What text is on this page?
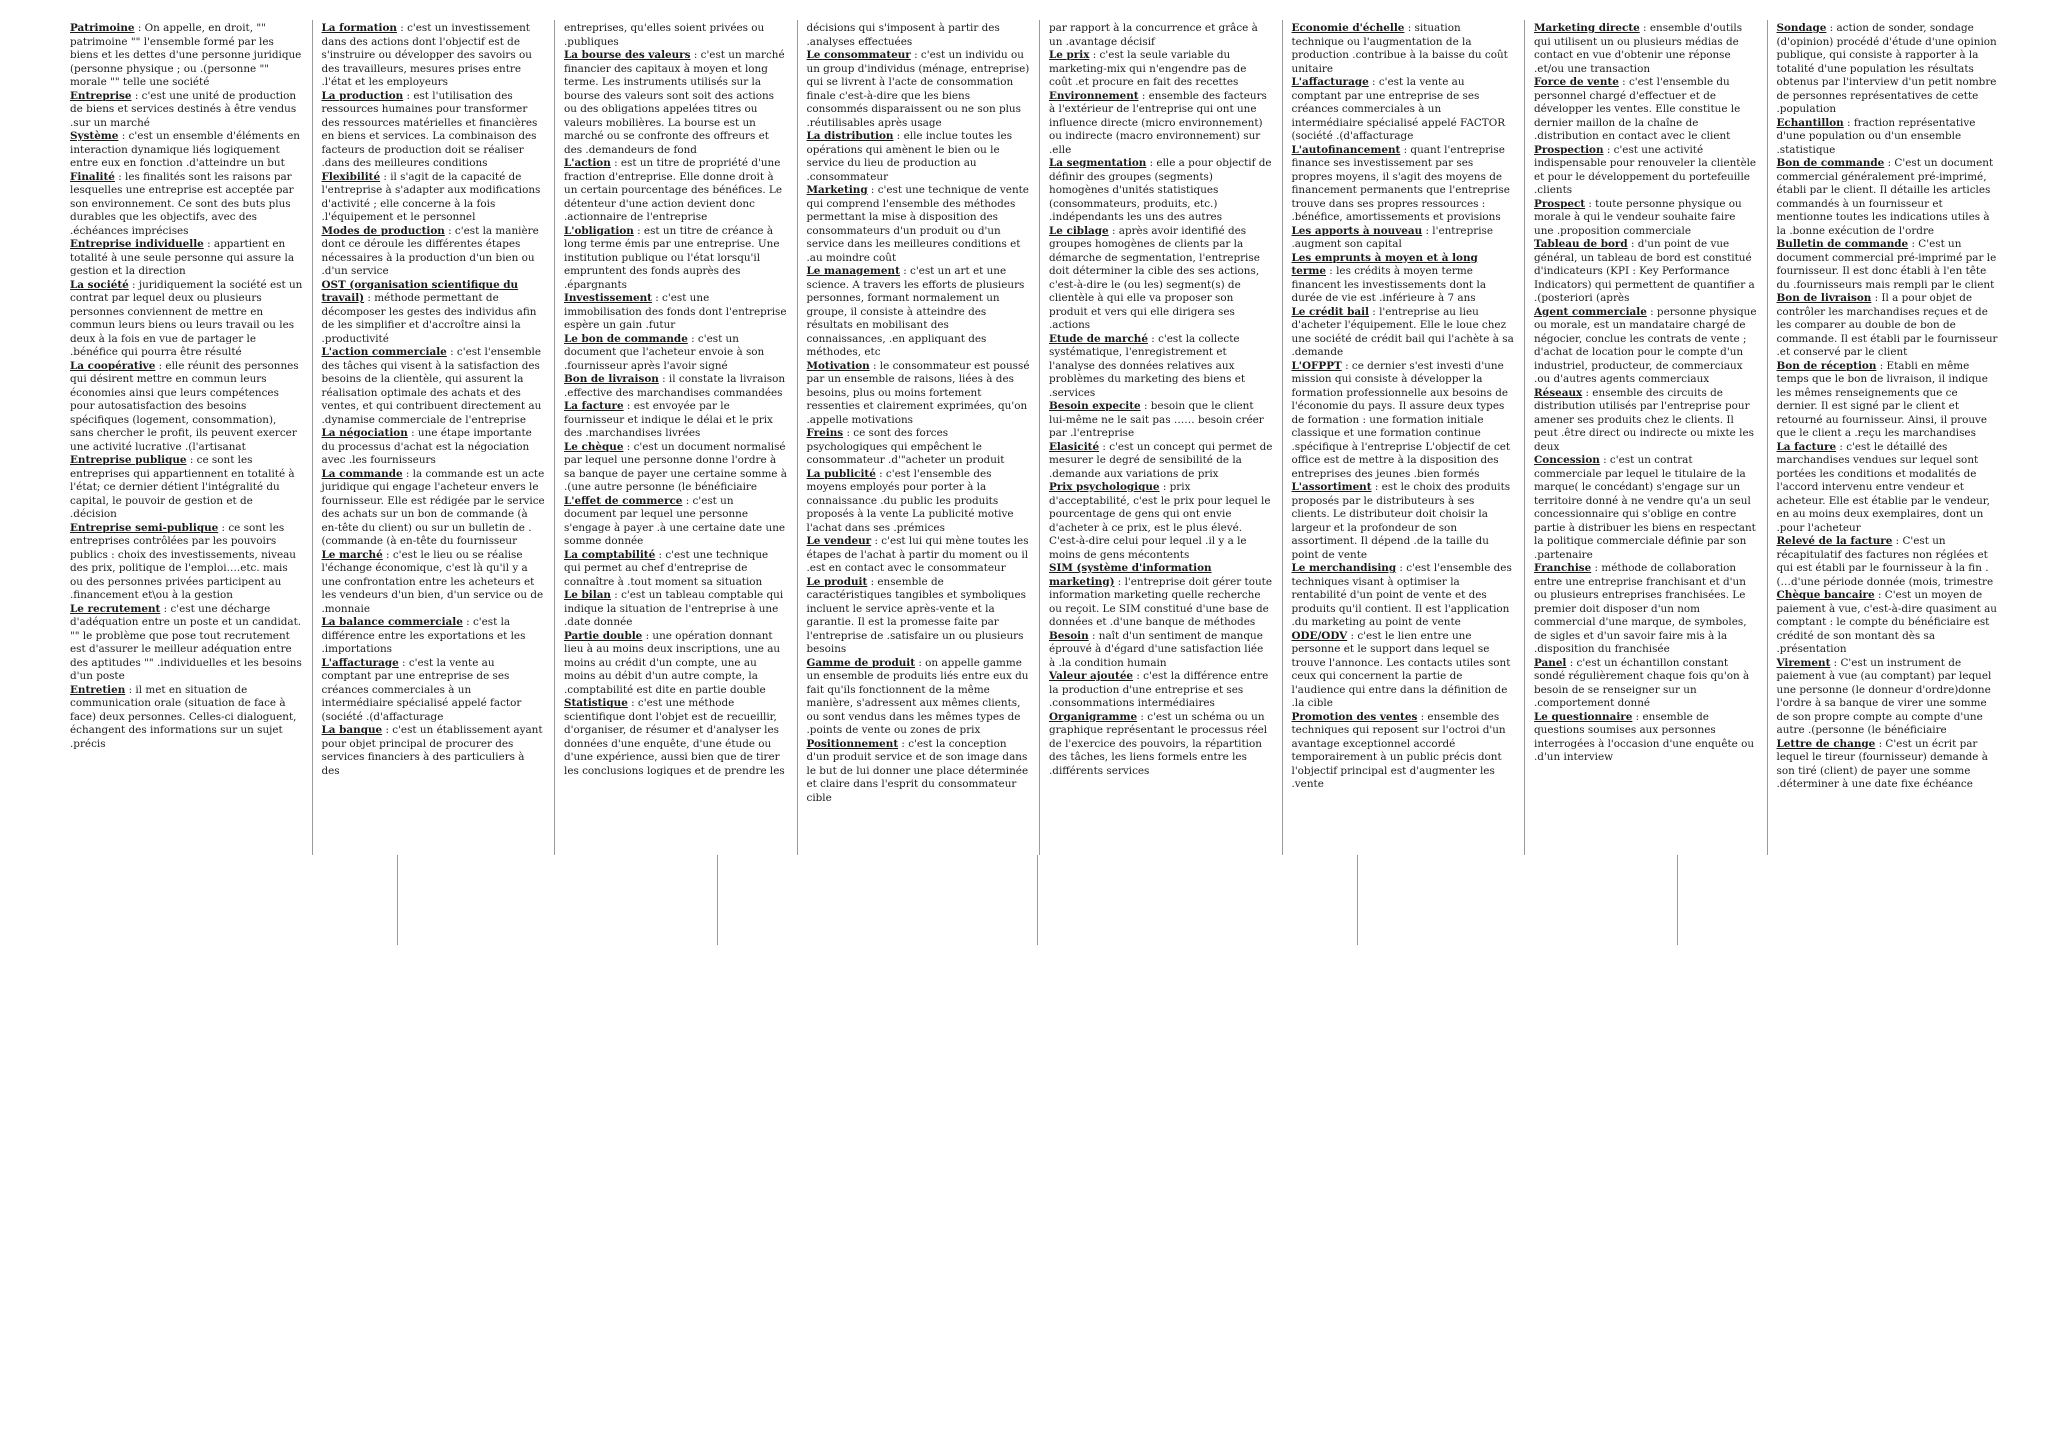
Patrimoine : On appelle, en droit, "" patrimoine "" l'ensemble formé par les biens et les dettes d'une personne juridique (personne physique ; ou .(personne "" morale "" telle une société

Entreprise : c'est une unité de production de biens et services destinés à être vendus .sur un marché

Système : c'est un ensemble d'éléments en interaction dynamique liés logiquement entre eux en fonction .d'atteindre un but

Finalité : les finalités sont les raisons par lesquelles une entreprise est acceptée par son environnement. Ce sont des buts plus durables que les objectifs, avec des .échéances imprécises

Entreprise individuelle : appartient en totalité à une seule personne qui assure la gestion et la direction

La société : juridiquement la société est un contrat par lequel deux ou plusieurs personnes conviennent de mettre en commun leurs biens ou leurs travail ou les deux à la fois en vue de partager le .bénéfice qui pourra être résulté

La coopérative : elle réunit des personnes qui désirent mettre en commun leurs économies ainsi que leurs compétences pour autosatisfaction des besoins spécifiques (logement, consommation), sans chercher le profit, ils peuvent exercer une activité lucrative .(l'artisanat

Entreprise publique : ce sont les entreprises qui appartiennent en totalité à l'état; ce dernier détient l'intégralité du capital, le pouvoir de gestion et de .décision

Entreprise semi-publique : ce sont les entreprises contrôlées par les pouvoirs publics : choix des investissements, niveau des prix, politique de l'emploi….etc. mais ou des personnes privées participent au .financement et\ou à la gestion

Le recrutement : c'est une décharge d'adéquation entre un poste et un candidat. "" le problème que pose tout recrutement est d'assurer le meilleur adéquation entre des aptitudes "" .individuelles et les besoins d'un poste

Entretien : il met en situation de communication orale (situation de face à face) deux personnes. Celles-ci dialoguent, échangent des informations sur un sujet .précis

La formation : c'est un investissement dans des actions dont l'objectif est de s'instruire ou développer des savoirs ou des travailleurs, mesures prises entre .l'état et les employeurs

La production : est l'utilisation des ressources humaines pour transformer des ressources matérielles et financières en biens et services. La combinaison des facteurs de production doit se réaliser .dans des meilleures conditions

Flexibilité : il s'agit de la capacité de l'entreprise à s'adapter aux modifications d'activité ; elle concerne à la fois .l'équipement et le personnel

Modes de production : c'est la manière dont ce déroule les différentes étapes nécessaires à la production d'un bien ou .d'un service

OST (organisation scientifique du travail) : méthode permettant de décomposer les gestes des individus afin de les simplifier et d'accroître ainsi la .productivité

L'action commerciale : c'est l'ensemble des tâches qui visent à la satisfaction des besoins de la clientèle, qui assurent la réalisation optimale des achats et des ventes, et qui contribuent directement au .dynamise commerciale de l'entreprise

La négociation : une étape importante du processus d'achat est la négociation avec .les fournisseurs

La commande : la commande est un acte juridique qui engage l'acheteur envers le fournisseur. Elle est rédigée par le service des achats sur un bon de commande (à en-tête du client) ou sur un bulletin de .(commande (à en-tête du fournisseur

Le marché : c'est le lieu ou se réalise l'échange économique, c'est là qu'il y a une confrontation entre les acheteurs et les vendeurs d'un bien, d'un service ou de .monnaie

La balance commerciale : c'est la différence entre les exportations et les .importations

L'affacturage : c'est la vente au comptant par une entreprise de ses créances commerciales à un intermédiaire spécialisé appelé factor (société .(d'affacturage

La banque : c'est un établissement ayant pour objet principal de procurer des services financiers à des particuliers à des

entreprises, qu'elles soient privées ou .publiques

La bourse des valeurs : c'est un marché financier des capitaux à moyen et long terme. Les instruments utilisés sur la bourse des valeurs sont soit des actions ou des obligations appelées titres ou valeurs mobilières. La bourse est un marché ou se confronte des offreurs et des .demandeurs de fond

L'action : est un titre de propriété d'une fraction d'entreprise. Elle donne droit à un certain pourcentage des bénéfices. Le détenteur d'une action devient donc .actionnaire de l'entreprise

L'obligation : est un titre de créance à long terme émis par une entreprise. Une institution publique ou l'état lorsqu'il empruntent des fonds auprès des .épargnants

Investissement : c'est une immobilisation des fonds dont l'entreprise espère un gain .futur

Le bon de commande : c'est un document que l'acheteur envoie à son .fournisseur après l'avoir signé

Bon de livraison : il constate la livraison .effective des marchandises commandées

La facture : est envoyée par le fournisseur et indique le délai et le prix des .marchandises livrées

Le chèque : c'est un document normalisé par lequel une personne donne l'ordre à sa banque de payer une certaine somme à .(une autre personne (le bénéficiaire

L'effet de commerce : c'est un document par lequel une personne s'engage à payer .à une certaine date une somme donnée

La comptabilité : c'est une technique qui permet au chef d'entreprise de connaître à .tout moment sa situation

Le bilan : c'est un tableau comptable qui indique la situation de l'entreprise à une .date donnée

Partie double : une opération donnant lieu à au moins deux inscriptions, une au moins au crédit d'un compte, une au moins au débit d'un autre compte, la .comptabilité est dite en partie double

Statistique : c'est une méthode scientifique dont l'objet est de recueillir, d'organiser, de résumer et d'analyser les données d'une enquête, d'une étude ou d'une expérience, aussi bien que de tirer les conclusions logiques et de prendre les

décisions qui s'imposent à partir des .analyses effectuées

Le consommateur : c'est un individu ou un group d'individus (ménage, entreprise) qui se livrent à l'acte de consommation finale c'est-à-dire que les biens consommés disparaissent ou ne son plus .réutilisables après usage

La distribution : elle inclue toutes les opérations qui amènent le bien ou le service du lieu de production au .consommateur

Marketing : c'est une technique de vente qui comprend l'ensemble des méthodes permettant la mise à disposition des consommateurs d'un produit ou d'un service dans les meilleures conditions et .au moindre coût

Le management : c'est un art et une science. A travers les efforts de plusieurs personnes, formant normalement un groupe, il consiste à atteindre des résultats en mobilisant des connaissances, .en appliquant des méthodes, etc

Motivation : le consommateur est poussé par un ensemble de raisons, liées à des besoins, plus ou moins fortement ressenties et clairement exprimées, qu'on .appelle motivations

Freins : ce sont des forces psychologiques qui empêchent le consommateur .d'"acheter un produit

La publicité : c'est l'ensemble des moyens employés pour porter à la connaissance .du public les produits proposés à la vente La publicité motive l'achat dans ses .prémices

Le vendeur : c'est lui qui mène toutes les étapes de l'achat à partir du moment ou il .est en contact avec le consommateur

Le produit : ensemble de caractéristiques tangibles et symboliques incluent le service après-vente et la garantie. Il est la promesse faite par l'entreprise de .satisfaire un ou plusieurs besoins

Gamme de produit : on appelle gamme un ensemble de produits liés entre eux du fait qu'ils fonctionnent de la même manière, s'adressent aux mêmes clients, ou sont vendus dans les mêmes types de .points de vente ou zones de prix

Positionnement : c'est la conception d'un produit service et de son image dans le but de lui donner une place déterminée et claire dans l'esprit du consommateur cible

par rapport à la concurrence et grâce à un .avantage décisif

Le prix : c'est la seule variable du marketing-mix qui n'engendre pas de coût .et procure en fait des recettes

Environnement : ensemble des facteurs à l'extérieur de l'entreprise qui ont une influence directe (micro environnement) ou indirecte (macro environnement) sur .elle

La segmentation : elle a pour objectif de définir des groupes (segments) homogènes d'unités statistiques (consommateurs, produits, etc.) .indépendants les uns des autres

Le ciblage : après avoir identifié des groupes homogènes de clients par la démarche de segmentation, l'entreprise doit déterminer la cible des ses actions, c'est-à-dire le (ou les) segment(s) de clientèle à qui elle va proposer son produit et vers qui elle dirigera ses .actions

Etude de marché : c'est la collecte systématique, l'enregistrement et l'analyse des données relatives aux problèmes du marketing des biens et .services

Besoin expecite : besoin que le client lui-même ne le sait pas …… besoin créer par .l'entreprise

Elasicité : c'est un concept qui permet de mesurer le degré de sensibilité de la .demande aux variations de prix

Prix psychologique : prix d'acceptabilité, c'est le prix pour lequel le pourcentage de gens qui ont envie d'acheter à ce prix, est le plus élevé. C'est-à-dire celui pour lequel .il y a le moins de gens mécontents

SIM (système d'information marketing) : l'entreprise doit gérer toute information marketing quelle recherche ou reçoit. Le SIM constitué d'une base de données et .d'une banque de méthodes

Besoin : naît d'un sentiment de manque éprouvé à d'égard d'une satisfaction liée à .la condition humain

Valeur ajoutée : c'est la différence entre la production d'une entreprise et ses .consommations intermédiaires

Organigramme : c'est un schéma ou un graphique représentant le processus réel de l'exercice des pouvoirs, la répartition des tâches, les liens formels entre les .différents services

Economie d'échelle : situation technique ou l'augmentation de la production .contribue à la baisse du coût unitaire

L'affacturage : c'est la vente au comptant par une entreprise de ses créances commerciales à un intermédiaire spécialisé appelé FACTOR (société .(d'affacturage

L'autofinancement : quant l'entreprise finance ses investissement par ses propres moyens, il s'agit des moyens de financement permanents que l'entreprise trouve dans ses propres ressources : .bénéfice, amortissements et provisions

Les apports à nouveau : l'entreprise .augment son capital

Les emprunts à moyen et à long terme : les crédits à moyen terme financent les investissements dont la durée de vie est .inférieure à 7 ans

Le crédit bail : l'entreprise au lieu d'acheter l'équipement. Elle le loue chez une société de crédit bail qui l'achète à sa .demande

L'OFPPT : ce dernier s'est investi d'une mission qui consiste à développer la formation professionnelle aux besoins de l'économie du pays. Il assure deux types de formation : une formation initiale classique et une formation continue .spécifique à l'entreprise L'objectif de cet office est de mettre à la disposition des entreprises des jeunes .bien formés

L'assortiment : est le choix des produits proposés par le distributeurs à ses clients. Le distributeur doit choisir la largeur et la profondeur de son assortiment. Il dépend .de la taille du point de vente

Le merchandising : c'est l'ensemble des techniques visant à optimiser la rentabilité d'un point de vente et des produits qu'il contient. Il est l'application .du marketing au point de vente

ODE/ODV : c'est le lien entre une personne et le support dans lequel se trouve l'annonce. Les contacts utiles sont ceux qui concernent la partie de l'audience qui entre dans la définition de .la cible

Promotion des ventes : ensemble des techniques qui reposent sur l'octroi d'un avantage exceptionnel accordé temporairement à un public précis dont l'objectif principal est d'augmenter les .vente

Marketing directe : ensemble d'outils qui utilisent un ou plusieurs médias de contact en vue d'obtenir une réponse .et/ou une transaction

Force de vente : c'est l'ensemble du personnel chargé d'effectuer et de développer les ventes. Elle constitue le dernier maillon de la chaîne de .distribution en contact avec le client

Prospection : c'est une activité indispensable pour renouveler la clientèle et pour le développement du portefeuille .clients

Prospect : toute personne physique ou morale à qui le vendeur souhaite faire une .proposition commerciale

Tableau de bord : d'un point de vue général, un tableau de bord est constitué d'indicateurs (KPI : Key Performance Indicators) qui permettent de quantifier a .(posteriori (après

Agent commerciale : personne physique ou morale, est un mandataire chargé de négocier, conclue les contrats de vente ; d'achat de location pour le compte d'un industriel, producteur, de commerciaux .ou d'autres agents commerciaux

Réseaux : ensemble des circuits de distribution utilisés par l'entreprise pour amener ses produits chez le clients. Il peut .être direct ou indirecte ou mixte les deux

Concession : c'est un contrat commerciale par lequel le titulaire de la marque( le concédant) s'engage sur un territoire donné à ne vendre qu'a un seul concessionnaire qui s'oblige en contre partie à distribuer les biens en respectant la politique commerciale définie par son .partenaire

Franchise : méthode de collaboration entre une entreprise franchisant et d'un ou plusieurs entreprises franchisées. Le premier doit disposer d'un nom commercial d'une marque, de symboles, de sigles et d'un savoir faire mis à la .disposition du franchisée

Panel : c'est un échantillon constant sondé régulièrement chaque fois qu'on à besoin de se renseigner sur un .comportement donné

Le questionnaire : ensemble de questions soumises aux personnes interrogées à l'occasion d'une enquête ou .d'un interview

Sondage : action de sonder, sondage (d'opinion) procédé d'étude d'une opinion publique, qui consiste à rapporter à la totalité d'une population les résultats obtenus par l'interview d'un petit nombre de personnes représentatives de cette .population

Echantillon : fraction représentative d'une population ou d'un ensemble .statistique

Bon de commande : C'est un document commercial généralement pré-imprimé, établi par le client. Il détaille les articles commandés à un fournisseur et mentionne toutes les indications utiles à la .bonne exécution de l'ordre

Bulletin de commande : C'est un document commercial pré-imprimé par le fournisseur. Il est donc établi à l'en tête du .fournisseurs mais rempli par le client

Bon de livraison : Il a pour objet de contrôler les marchandises reçues et de les comparer au double de bon de commande. Il est établi par le fournisseur .et conservé par le client

Bon de réception : Etabli en même temps que le bon de livraison, il indique les mêmes renseignements que ce dernier. Il est signé par le client et retourné au fournisseur. Ainsi, il prouve que le client a .reçu les marchandises

La facture : c'est le détaillé des marchandises vendues sur lequel sont portées les conditions et modalités de l'accord intervenu entre vendeur et acheteur. Elle est établie par le vendeur, en au moins deux exemplaires, dont un .pour l'acheteur

Relevé de la facture : C'est un récapitulatif des factures non réglées et qui est établi par le fournisseur à la fin .(…d'une période donnée (mois, trimestre

Chèque bancaire : C'est un moyen de paiement à vue, c'est-à-dire quasiment au comptant : le compte du bénéficiaire est crédité de son montant dès sa .présentation

Virement : C'est un instrument de paiement à vue (au comptant) par lequel une personne (le donneur d'ordre)donne l'ordre à sa banque de virer une somme de son propre compte au compte d'une autre .(personne (le bénéficiaire

Lettre de change : C'est un écrit par lequel le tireur (fournisseur) demande à son tiré (client) de payer une somme .déterminer à une date fixe échéance
